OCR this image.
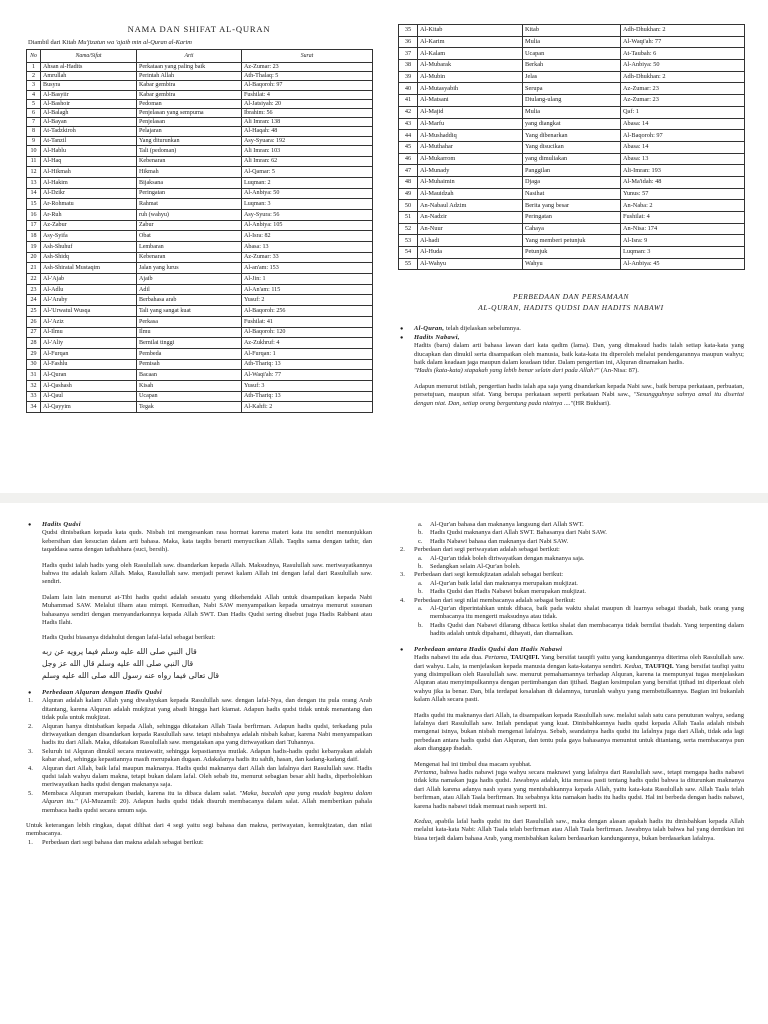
NAMA DAN SHIFAT AL-QURAN
Diambil dari Kitab Mu'jizatun wa 'ajaib min al-Quran al-Karim
No	Nama/Sifat	Arti	Surat
1	Ahsan al-Hadits	Perkataan yang paling baik	Az-Zumar: 23
2	Amrullah	Perintah Allah	Ath-Thalaq: 5
3	Busyra	Kabar gembira	Al-Baqoroh: 97
4	Al-Basyiir	Kabar gembira	Fushilat: 4
5	Al-Bashoir	Pedoman	Al-Jatsiyah: 20
6	Al-Balagh	Penjelasan yang sempurna	Ibrahim: 56
7	Al-Bayan	Penjelasan	Ali Imran: 138
8	At-Tadzkiroh	Pelajaran	Al-Haqah: 48
9	At-Tanzil	Yang diturunkan	Asy-Syuara: 192
10	Al-Hablu	Tali (pedoman)	Ali Imran: 103
11	Al-Haq	Kebenaran	Ali Imran: 62
12	Al-Hikmah	Hikmah	Al-Qamar: 5
13	Al-Hakim	Bijaksana	Luqman: 2
14	Al-Dzikr	Peringatan	Al-Anbiya: 50
15	Ar-Rohmatu	Rahmat	Luqman: 3
16	Ar-Ruh	ruh (wahyu)	Asy-Syura: 56
17	Az-Zabur	Zabur	Al-Anbiya: 105
18	Asy-Syifa	Obat	Al-Isra: 82
19	Ash-Shuhuf	Lembaran	Abasa: 13
20	Ash-Shidq	Kebenaran	Az-Zumar: 33
21	Ash-Shiratal Mustaqim	Jalan yang lurus	Al-an'am: 153
22	Al-'Ajab	Ajaib	Al-Jin: 1
23	Al-Adlu	Adil	Al-An'am: 115
24	Al-'Araby	Berbahasa arab	Yusuf: 2
25	Al-'Urwatul Wusqa	Tali yang sangat kuat	Al-Baqoroh: 256
26	Al-'Aziz	Perkasa	Fushilat: 41
27	Al-Ilmu	Ilmu	Al-Baqoroh: 120
28	Al-'Aliy	Bernilai tinggi	Az-Zukhruf: 4
29	Al-Furqan	Pembeda	Al-Furqan: 1
30	Al-Fashlu	Pemisah	Ath-Thariq: 13
31	Al-Quran	Bacaan	Al-Waqi'ah: 77
32	Al-Qashash	Kisah	Yusuf: 3
33	Al-Qaul	Ucapan	Ath-Thariq: 13
34	Al-Qayyim	Tegak	Al-Kahfi: 2
35	Al-Kitab	Kitab	Adh-Dhukhan: 2
36	Al-Karim	Mulia	Al-Waqi'ah: 77
37	Al-Kalam	Ucapan	At-Taubah: 6
38	Al-Mubarak	Berkah	Al-Anbiya: 50
39	Al-Mubin	Jelas	Adh-Dhukhan: 2
40	Al-Mutasyabih	Serupa	Az-Zumar: 23
41	Al-Matsani	Diulang-ulang	Az-Zumar: 23
42	Al-Majid	Mulia	Qaf: 1
43	Al-Marfu	yang diangkat	Abasa: 14
44	Al-Mushaddiq	Yang dibenarkan	Al-Baqoroh: 97
45	Al-Muthahar	Yang disucikan	Abasa: 14
46	Al-Mukarrom	yang dimuliakan	Abasa: 13
47	Al-Munady	Panggilan	Ali-Imran: 193
48	Al-Muhaimin	Djaga	Al-Ma'idah: 48
49	Al-Mauidzah	Nasihat	Yunus: 57
50	An-Nabaul Adzim	Berita yang besar	An-Naba: 2
51	An-Nadzir	Peringatan	Fushilat: 4
52	An-Nuur	Cahaya	An-Nisa: 174
53	Al-hadi	Yang memberi petunjuk	Al-Isra: 9
54	Al-Huda	Petunjuk	Luqman: 3
55	Al-Wahyu	Wahyu	Al-Anbiya: 45
PERBEDAAN DAN PERSAMAAN
AL-QURAN, HADITS QUDSI DAN HADITS NABAWI
● Al-Quran, telah dijelaskan sebelumnya.
● Hadits Nabawi,
Hadits (baru) dalam arti bahasa lawan dari kata qadim (lama). Dan, yang dimaksud hadis ialah setiap kata-kata yang diucapkan dan dinukil serta disampaikan oleh manusia, baik kata-kata itu diperoleh melalui pendengarannya maupun wahyu; baik dalam keadaan jaga maupun dalam keadaan tidur. Dalam pengertian ini, Alquran dinamakan hadis.
"Hadis (kata-kata) siapakah yang lebih benar selain dari pada Allah?" (An-Nisa: 87).
Adapun menurut istilah, pengertian hadis ialah apa saja yang disandarkan kepada Nabi saw., baik berupa perkataan, perbuatan, persetujuan, maupun sifat. Yang berupa perkataan seperti perkataan Nabi saw., "Sesungguhnya sahnya amal itu disertai dengan niat. Dan, setiap orang bergantung pada niatnya ...."(HR Bukhari).
● Hadits Qudsi
Qudsi dinisbatkan kepada kata quds. Nisbah ini mengesankan rasa hormat karena materi kata itu sendiri menunjukkan kebersihan dan kesucian dalam arti bahasa. Maka, kata taqdis berarti menyucikan Allah. Taqdis sama dengan tathir, dan taqaddasa sama dengan tathahhara (suci, bersih).
Hadis qudsi ialah hadis yang oleh Rasulullah saw. disandarkan kepada Allah. Maksudnya, Rasulullah saw. meriwayatkannya bahwa itu adalah kalam Allah. Maka, Rasulullah saw. menjadi perawi kalam Allah ini dengan lafal dari Rasulullah saw. sendiri.
Dalam lain lain menurut at-Tibi hadis qudsi adalah sesuatu yang dikehendaki Allah untuk disampaikan kepada Nabi Muhammad SAW. Melalui ilham atau mimpi. Kemudian, Nabi SAW menyampaikan kepada umatnya menurut susunan bahasanya sendiri dengan menyandarkannya kepada Allah SWT. Dan Hadis Qudsi sering disebut juga Hadis Rabbani atau Hadis Ilahi.
Hadis Qudsi biasanya didahului dengan lafal-lafal sebagai berikut:
قال النبي صلى الله عليه وسلم فيما يرويه عن ربه
قال النبي صلى الله عليه وسلم قال الله عز وجل
قال تعالى فيما رواه عنه رسول الله صلى الله عليه وسلم
● Perbedaan Alquran dengan Hadis Qudsi
1. Alquran adalah kalam Allah yang diwahyukan kepada Rasulullah saw. dengan lafal-Nya, dan dengan itu pula orang Arab ditantang, karena Alquran adalah mukjizat yang abadi hingga hari kiamat. Adapun hadis qudsi tidak untuk menantang dan tidak pula untuk mukjizat.
2. Alquran hanya dinisbatkan kepada Allah, sehingga dikatakan Allah Taala berfirman. Adapun hadis qudsi, terkadang pula diriwayatkan dengan disandarkan kepada Rasulullah saw. tetapi nisbahnya adalah nisbah kabar, karena Nabi menyampaikan hadis itu dari Allah. Maka, dikatakan Rasulullah saw. mengatakan apa yang diriwayatkan dari Tuhannya.
3. Seluruh isi Alquran dinukil secara mutawatir, sehingga kepastiannya mutlak. Adapun hadis-hadis qudsi kebanyakan adalah kabar ahad, sehingga kepastiannya masih merupakan dugaan. Adakalanya hadis itu sahih, hasan, dan kadang-kadang daif.
4. Alquran dari Allah, baik lafal maupun maknanya. Hadis qudsi maknanya dari Allah dan lafalnya dari Rasulullah saw. Hadis qudsi ialah wahyu dalam makna, tetapi bukan dalam lafal. Oleh sebab itu, menurut sebagian besar ahli hadis, diperbolehkan meriwayatkan hadis qudsi dengan maknanya saja.
5. Membaca Alquran merupakan ibadah, karena itu ia dibaca dalam salat. "Maka, bacalah apa yang mudah bagimu dalam Alquran itu." (Al-Muzamil: 20). Adapun hadis qudsi tidak disuruh membacanya dalam salat. Allah memberikan pahala membaca hadis qudsi secara umum saja.
Untuk keterangan lebih ringkas, dapat dilihat dari 4 segi yaitu segi bahasa dan makna, periwayatan, kemukjizatan, dan nilai membacanya.
1. Perbedaan dari segi bahasa dan makna adalah sebagai berikut:
a. Al-Qur'an bahasa dan maknanya langsung dari Allah SWT.
b. Hadis Qudsi maknanya dari Allah SWT. Bahasanya dari Nabi SAW.
c. Hadis Nabawi bahasa dan maknanya dari Nabi SAW.
2. Perbedaan dari segi periwayatan adalah sebagai berikut:
a. Al-Qur'an tidak boleh diriwayatkan dengan maknanya saja.
b. Sedangkan selain Al-Qur'an boleh.
3. Perbedaan dari segi kemukjizatan adalah sebagai berikut:
a. Al-Qur'an baik lafal dan maknanya merupakan mukjizat.
b. Hadis Qudsi dan Hadis Nabawi bukan merupakan mukjizat.
4. Perbedaan dari segi nilai membacanya adalah sebagai berikut:
a. Al-Qur'an diperintahkan untuk dibaca, baik pada waktu shalat maupun di luarnya sebagai ibadah, baik orang yang membacanya itu mengerti maksudnya atau tidak.
b. Hadis Qudsi dan Nabawi dilarang dibaca ketika shalat dan membacanya tidak bernilai ibadah. Yang terpenting dalam hadits adalah untuk dipahami, dihayati, dan diamalkan.
● Perbedaan antara Hadis Qudsi dan Hadis Nabawi
Hadis nabawi itu ada dua. Pertama, TAUQIFI. Yang bersifat tauqifi yaitu yang kandungannya diterima oleh Rasulullah saw. dari wahyu. Lalu, ia menjelaskan kepada manusia dengan kata-katanya sendiri. Kedua, TAUFIQI. Yang bersifat taufiqi yaitu yang disimpulkan oleh Rasulullah saw. menurut pemahamannya terhadap Alquran, karena ia mempunyai tugas menjelaskan Alquran atau menyimpulkannya dengan pertimbangan dan ijtihad. Bagian kesimpulan yang bersifat ijtihad ini diperkuat oleh wahyu jika ia benar. Dan, bila terdapat kesalahan di dalamnya, turunlah wahyu yang membetulkannya. Bagian ini bukanlah kalam Allah secara pasti.
Hadis qudsi itu maknanya dari Allah, ia disampaikan kepada Rasulullah saw. melalui salah satu cara penuturan wahyu, sedang lafalnya dari Rasulullah saw. Inilah pendapat yang kuat. Dinisbahkannya hadis qudsi kepada Allah Taala adalah nisbah mengenai isinya, bukan nisbah mengenai lafalnya. Sebab, seandainya hadis qudsi itu lafalnya juga dari Allah, tidak ada lagi perbedaan antara hadis qudsi dan Alquran, dan tentu pula gaya bahasanya menuntut untuk ditantang, serta membacanya pun akan dianggap ibadah.
Mengenai hal ini timbul dua macam syubhat.
Pertama, bahwa hadis nabawi juga wahyu secara maknawi yang lafalnya dari Rasulullah saw., tetapi mengapa hadis nabawi tidak kita namakan juga hadis qudsi. Jawabnya adalah, kita merasa pasti tentang hadis qudsi bahwa ia diturunkan maknanya dari Allah karena adanya nash syara yang menisbahkannya kepada Allah, yaitu kata-kata Rasulullah saw. Allah Taala telah berfirman, atau Allah Taala berfirman. Itu sebabnya kita namakan hadis itu hadis qudsi. Hal ini berbeda dengan hadis nabawi, karena hadis nabawi tidak memuat nash seperti ini.
Kedua, apabila lafal hadis qudsi itu dari Rasulullah saw., maka dengan alasan apakah hadis itu dinisbahkan kepada Allah melalui kata-kata Nabi: Allah Taala telah berfirman atau Allah Taala berfirman. Jawabnya ialah bahwa hal yang demikian ini biasa terjadi dalam bahasa Arab, yang menisbahkan kalam berdasarkan kandungannya, bukan berdasarkan lafalnya.
